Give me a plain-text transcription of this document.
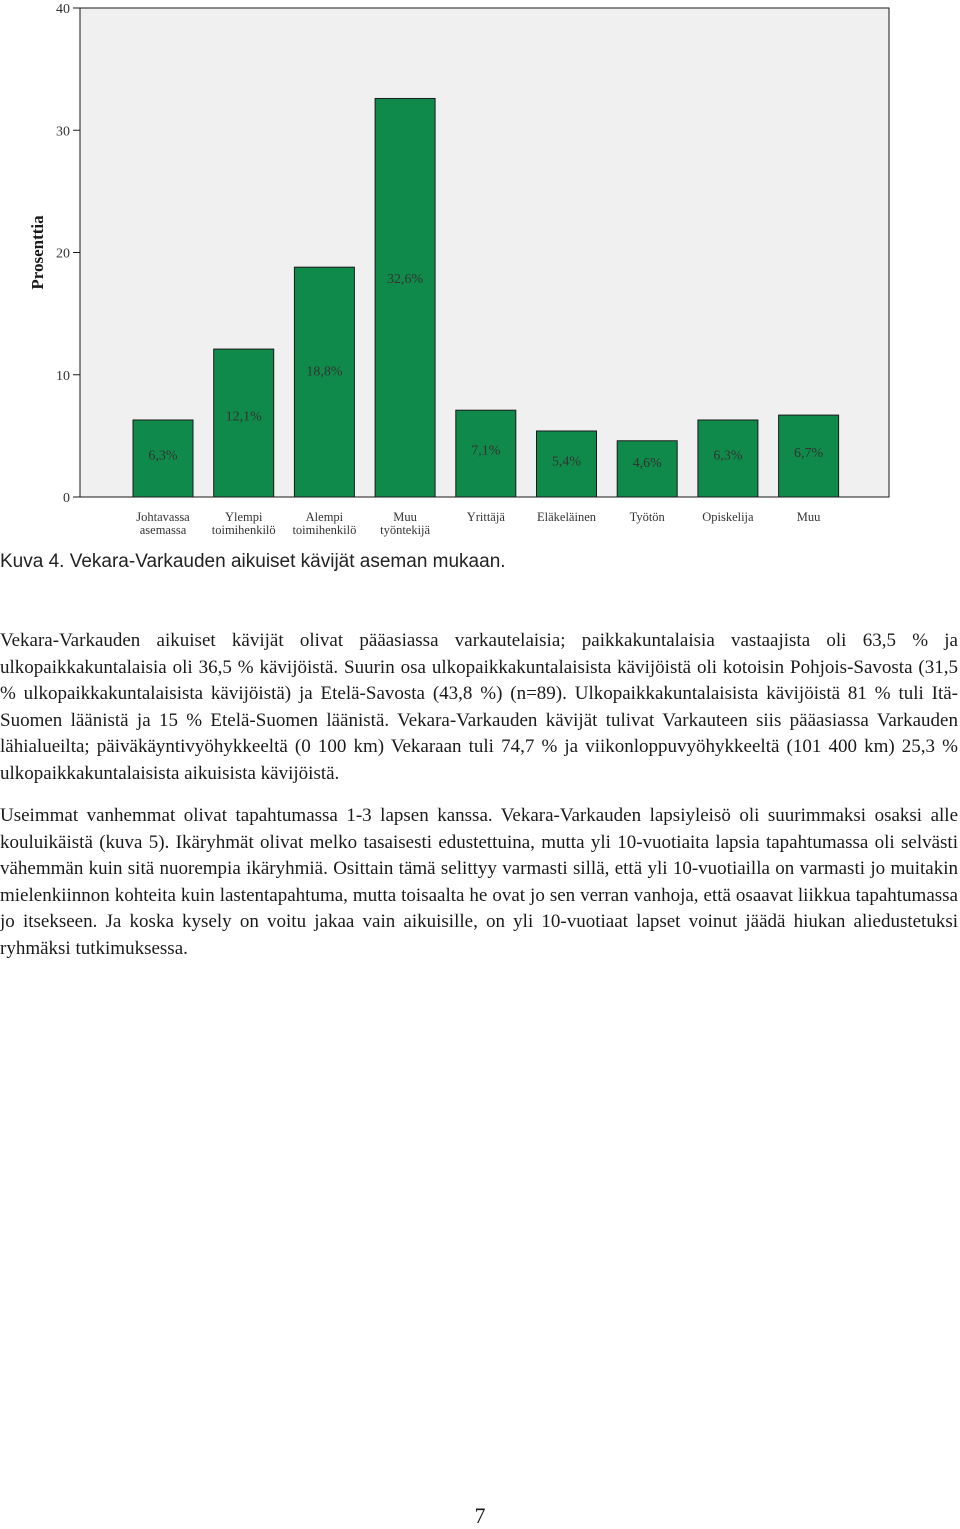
0
10
20
30
40
Prosenttia
6,3%
Johtavassa
asemassa
12,1%
Ylempi
toimihenkilö
18,8%
Alempi
toimihenkilö
32,6%
Muu
työntekijä
7,1%
Yrittäjä
5,4%
Eläkeläinen
4,6%
Työtön
6,3%
Opiskelija
6,7%
Muu
Kuva 4. Vekara-Varkauden aikuiset kävijät aseman mukaan.

Vekara-Varkauden aikuiset kävijät olivat pääasiassa varkautelaisia; paikkakuntalaisia vastaajista oli 63,5 % ja ulkopaikkakuntalaisia oli 36,5 % kävijöistä. Suurin osa ulkopaikkakuntalaisista kävijöistä oli kotoisin Pohjois-Savosta (31,5 % ulkopaikkakuntalaisista kävijöistä) ja Etelä-Savosta (43,8 %) (n=89). Ulkopaikkakuntalaisista kävijöistä 81 % tuli Itä-Suomen läänistä ja 15 % Etelä-Suomen läänistä. Vekara-Varkauden kävijät tulivat Varkauteen siis pääasiassa Varkauden lähialueilta; päiväkäyntivyöhykkeeltä (0 100 km) Vekaraan tuli 74,7 % ja viikonloppuvyöhykkeeltä (101 400 km) 25,3 % ulkopaikkakuntalaisista aikuisista kävijöistä.

Useimmat vanhemmat olivat tapahtumassa 1-3 lapsen kanssa. Vekara-Varkauden lapsiyleisö oli suurimmaksi osaksi alle kouluikäistä (kuva 5). Ikäryhmät olivat melko tasaisesti edustettuina, mutta yli 10-vuotiaita lapsia tapahtumassa oli selvästi vähemmän kuin sitä nuorempia ikäryhmiä. Osittain tämä selittyy varmasti sillä, että yli 10-vuotiailla on varmasti jo muitakin mielenkiinnon kohteita kuin lastentapahtuma, mutta toisaalta he ovat jo sen verran vanhoja, että osaavat liikkua tapahtumassa jo itsekseen. Ja koska kysely on voitu jakaa vain aikuisille, on yli 10-vuotiaat lapset voinut jäädä hiukan aliedustetuksi ryhmäksi tutkimuksessa.

7
